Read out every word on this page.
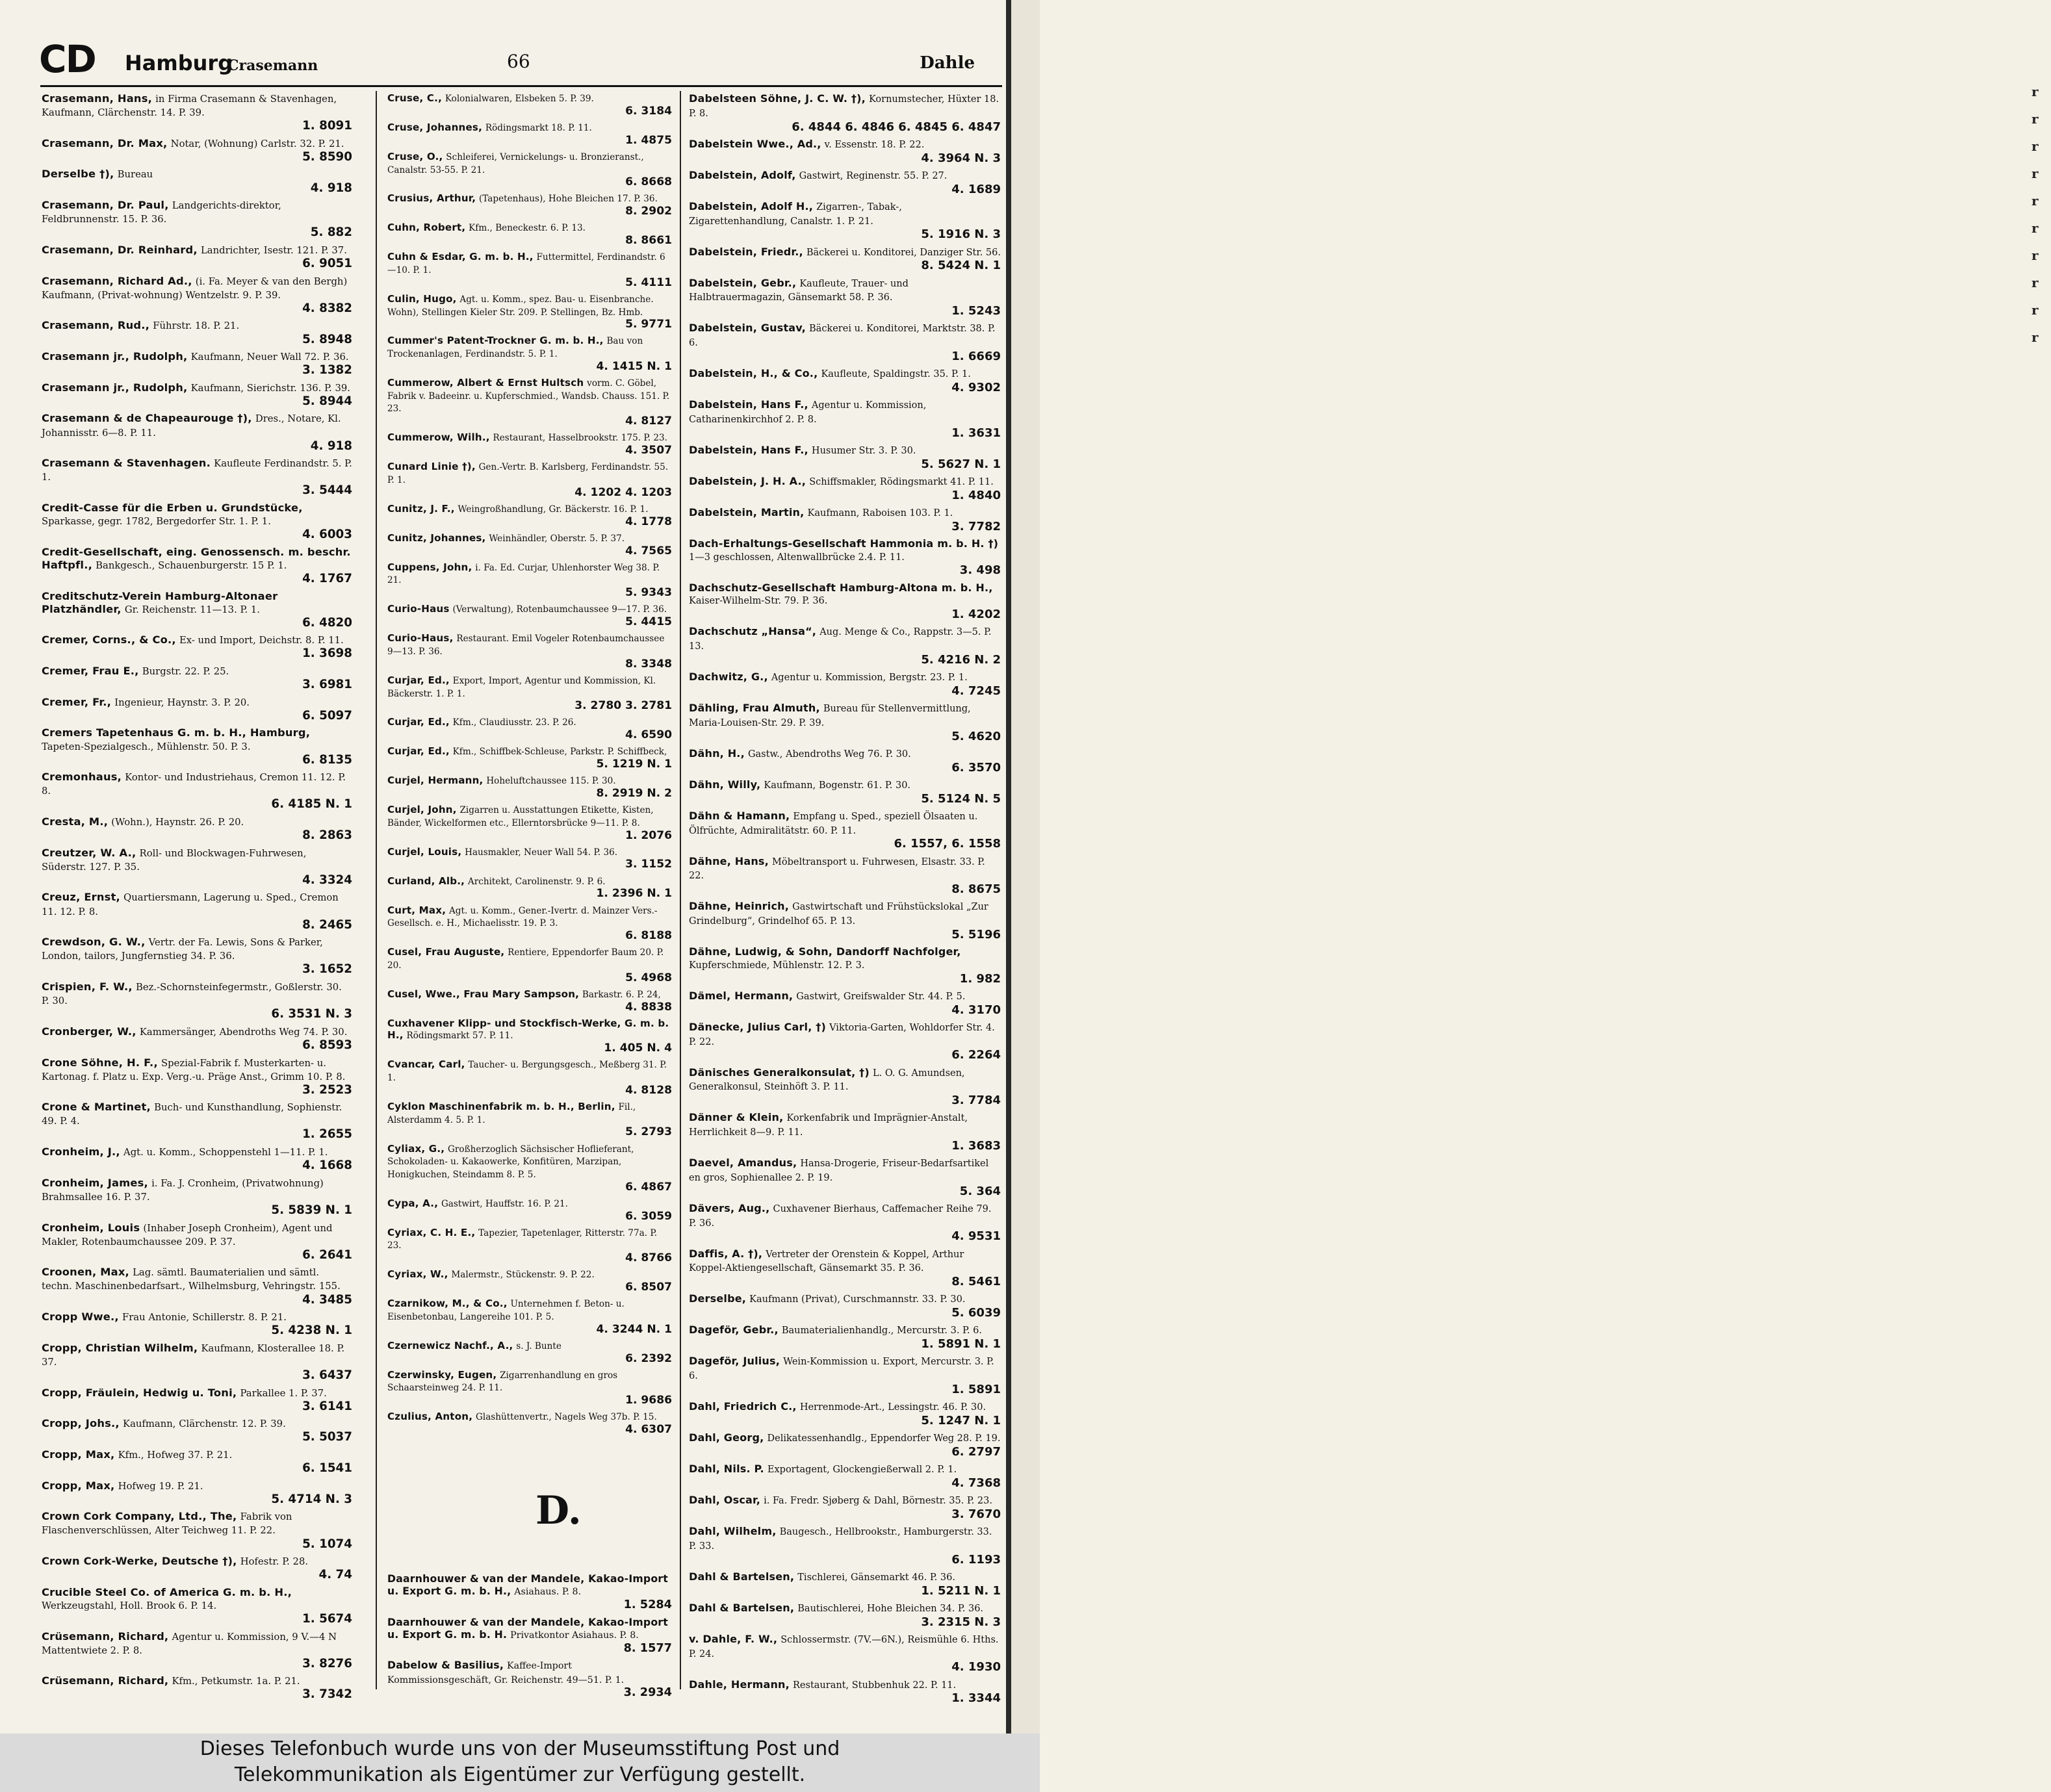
CD Hamburg
Crasemann	66	Dahle
Crasemann, Hans, in Firma Crasemann & Stavenhagen, Kaufmann, Clärchenstr. 14. P. 39.
1. 8091
Crasemann, Dr. Max, Notar, (Wohnung) Carlstr. 32. P. 21.
5. 8590
Derselbe †), Bureau
4. 918
Crasemann, Dr. Paul, Landgerichts-direktor, Feldbrunnenstr. 15. P. 36.
5. 882
Crasemann, Dr. Reinhard, Landrichter, Isestr. 121. P. 37.
6. 9051
Crasemann, Richard Ad., (i. Fa. Meyer & van den Bergh) Kaufmann, (Privat-wohnung) Wentzelstr. 9. P. 39.
4. 8382
Crasemann, Rud., Führstr. 18. P. 21.
5. 8948
Crasemann jr., Rudolph, Kaufmann, Neuer Wall 72. P. 36.
3. 1382
Crasemann jr., Rudolph, Kaufmann, Sierichstr. 136. P. 39.
5. 8944
Crasemann & de Chapeaurouge †), Dres., Notare, Kl. Johannisstr. 6—8. P. 11.
4. 918
Crasemann & Stavenhagen. Kaufleute Ferdinandstr. 5. P. 1.
3. 5444
Credit-Casse für die Erben u. Grundstücke, Sparkasse, gegr. 1782, Bergedorfer Str. 1. P. 1.
4. 6003
Credit-Gesellschaft, eing. Genossensch. m. beschr. Haftpfl., Bankgesch., Schauenburgerstr. 15 P. 1.
4. 1767
Creditschutz-Verein Hamburg-Altonaer Platzhändler, Gr. Reichenstr. 11—13. P. 1.
6. 4820
Cremer, Corns., & Co., Ex- und Import, Deichstr. 8. P. 11.
1. 3698
Cremer, Frau E., Burgstr. 22. P. 25.
3. 6981
Cremer, Fr., Ingenieur, Haynstr. 3. P. 20.
6. 5097
Cremers Tapetenhaus G. m. b. H., Hamburg, Tapeten-Spezialgesch., Mühlenstr. 50. P. 3.
6. 8135
Cremonhaus, Kontor- und Industriehaus, Cremon 11. 12. P. 8.
6. 4185 N. 1
Cresta, M., (Wohn.), Haynstr. 26. P. 20.
8. 2863
Creutzer, W. A., Roll- und Blockwagen-Fuhrwesen, Süderstr. 127. P. 35.
4. 3324
Creuz, Ernst, Quartiersmann, Lagerung u. Sped., Cremon 11. 12. P. 8.
8. 2465
Crewdson, G. W., Vertr. der Fa. Lewis, Sons & Parker, London, tailors, Jungfernstieg 34. P. 36.
3. 1652
Crispien, F. W., Bez.-Schornsteinfegermstr., Goßlerstr. 30. P. 30.
6. 3531 N. 3
Cronberger, W., Kammersänger, Abendroths Weg 74. P. 30.
6. 8593
Crone Söhne, H. F., Spezial-Fabrik f. Musterkarten- u. Kartonag. f. Platz u. Exp. Verg.-u. Präge Anst., Grimm 10. P. 8.
3. 2523
Crone & Martinet, Buch- und Kunsthandlung, Sophienstr. 49. P. 4.
1. 2655
Cronheim, J., Agt. u. Komm., Schoppenstehl 1—11. P. 1.
4. 1668
Cronheim, James, i. Fa. J. Cronheim, (Privatwohnung) Brahmsallee 16. P. 37.
5. 5839 N. 1
Cronheim, Louis (Inhaber Joseph Cronheim), Agent und Makler, Rotenbaumchaussee 209. P. 37.
6. 2641
Croonen, Max, Lag. sämtl. Baumaterialien und sämtl. techn. Maschinenbedarfsart., Wilhelmsburg, Vehringstr. 155.
4. 3485
Cropp Wwe., Frau Antonie, Schillerstr. 8. P. 21.
5. 4238 N. 1
Cropp, Christian Wilhelm, Kaufmann, Klosterallee 18. P. 37.
3. 6437
Cropp, Fräulein, Hedwig u. Toni, Parkallee 1. P. 37.
3. 6141
Cropp, Johs., Kaufmann, Clärchenstr. 12. P. 39.
5. 5037
Cropp, Max, Kfm., Hofweg 37. P. 21.
6. 1541
Cropp, Max, Hofweg 19. P. 21.
5. 4714 N. 3
Crown Cork Company, Ltd., The, Fabrik von Flaschenverschlüssen, Alter Teichweg 11. P. 22.
5. 1074
Crown Cork-Werke, Deutsche †), Hofestr. P. 28.
4. 74
Crucible Steel Co. of America G. m. b. H., Werkzeugstahl, Holl. Brook 6. P. 14.
1. 5674
Crüsemann, Richard, Agentur u. Kommission, 9 V.—4 N Mattentwiete 2. P. 8.
3. 8276
Crüsemann, Richard, Kfm., Petkumstr. 1a. P. 21.
3. 7342
Cruse, C., Kolonialwaren, Elsbeken 5. P. 39.
6. 3184
Cruse, Johannes, Rödingsmarkt 18. P. 11.
1. 4875
Cruse, O., Schleiferei, Vernickelungs- u. Bronzieranst., Canalstr. 53-55. P. 21.
6. 8668
Crusius, Arthur, (Tapetenhaus), Hohe Bleichen 17. P. 36.
8. 2902
Cuhn, Robert, Kfm., Beneckestr. 6. P. 13.
8. 8661
Cuhn & Esdar, G. m. b. H., Futtermittel, Ferdinandstr. 6—10. P. 1.
5. 4111
Culin, Hugo, Agt. u. Komm., spez. Bau- u. Eisenbranche. Wohn), Stellingen Kieler Str. 209. P. Stellingen, Bz. Hmb.
5. 9771
Cummer's Patent-Trockner G. m. b. H., Bau von Trockenanlagen, Ferdinandstr. 5. P. 1.
4. 1415 N. 1
Cummerow, Albert & Ernst Hultsch vorm. C. Göbel, Fabrik v. Badeeinr. u. Kupferschmied., Wandsb. Chauss. 151. P. 23.
4. 8127
Cummerow, Wilh., Restaurant, Hasselbrookstr. 175. P. 23.
4. 3507
Cunard Linie †), Gen.-Vertr. B. Karlsberg, Ferdinandstr. 55. P. 1.
4. 1202 4. 1203
Cunitz, J. F., Weingroßhandlung, Gr. Bäckerstr. 16. P. 1.
4. 1778
Cunitz, Johannes, Weinhändler, Oberstr. 5. P. 37.
4. 7565
Cuppens, John, i. Fa. Ed. Curjar, Uhlenhorster Weg 38. P. 21.
5. 9343
Curio-Haus (Verwaltung), Rotenbaumchaussee 9—17. P. 36.
5. 4415
Curio-Haus, Restaurant. Emil Vogeler Rotenbaumchaussee 9—13. P. 36.
8. 3348
Curjar, Ed., Export, Import, Agentur und Kommission, Kl. Bäckerstr. 1. P. 1.
3. 2780 3. 2781
Curjar, Ed., Kfm., Claudiusstr. 23. P. 26.
4. 6590
Curjar, Ed., Kfm., Schiffbek-Schleuse, Parkstr. P. Schiffbeck,
5. 1219 N. 1
Curjel, Hermann, Hoheluftchaussee 115. P. 30.
8. 2919 N. 2
Curjel, John, Zigarren u. Ausstattungen Etikette, Kisten, Bänder, Wickelformen etc., Ellerntorsbrücke 9—11. P. 8.
1. 2076
Curjel, Louis, Hausmakler, Neuer Wall 54. P. 36.
3. 1152
Curland, Alb., Architekt, Carolinenstr. 9. P. 6.
1. 2396 N. 1
Curt, Max, Agt. u. Komm., Gener.-Ivertr. d. Mainzer Vers.-Gesellsch. e. H., Michaelisstr. 19. P. 3.
6. 8188
Cusel, Frau Auguste, Rentiere, Eppendorfer Baum 20. P. 20.
5. 4968
Cusel, Wwe., Frau Mary Sampson, Barkastr. 6. P. 24,
4. 8838
Cuxhavener Klipp- und Stockfisch-Werke, G. m. b. H., Rödingsmarkt 57. P. 11.
1. 405 N. 4
Cvancar, Carl, Taucher- u. Bergungsgesch., Meßberg 31. P. 1.
4. 8128
Cyklon Maschinenfabrik m. b. H., Berlin, Fil., Alsterdamm 4. 5. P. 1.
5. 2793
Cyliax, G., Großherzoglich Sächsischer Hoflieferant, Schokoladen- u. Kakaowerke, Konfitüren, Marzipan, Honigkuchen, Steindamm 8. P. 5.
6. 4867
Cypa, A., Gastwirt, Hauffstr. 16. P. 21.
6. 3059
Cyriax, C. H. E., Tapezier, Tapetenlager, Ritterstr. 77a. P. 23.
4. 8766
Cyriax, W., Malermstr., Stückenstr. 9. P. 22.
6. 8507
Czarnikow, M., & Co., Unternehmen f. Beton- u. Eisenbetonbau, Langereihe 101. P. 5.
4. 3244 N. 1
Czernewicz Nachf., A., s. J. Bunte
6. 2392
Czerwinsky, Eugen, Zigarrenhandlung en gros Schaarsteinweg 24. P. 11.
1. 9686
Czulius, Anton, Glashüttenvertr., Nagels Weg 37b. P. 15.
4. 6307
D.
Daarnhouwer & van der Mandele, Kakao-Import u. Export G. m. b. H., Asiahaus. P. 8.
1. 5284
Daarnhouwer & van der Mandele, Kakao-Import u. Export G. m. b. H. Privatkontor Asiahaus. P. 8.
8. 1577
Dabelow & Basilius, Kaffee-Import Kommissionsgeschäft, Gr. Reichenstr. 49—51. P. 1.
3. 2934
Dabelsteen Söhne, J. C. W. †), Kornumstecher, Hüxter 18. P. 8.
6. 4844 6. 4846 6. 4845 6. 4847
Dabelstein Wwe., Ad., v. Essenstr. 18. P. 22.
4. 3964 N. 3
Dabelstein, Adolf, Gastwirt, Reginenstr. 55. P. 27.
4. 1689
Dabelstein, Adolf H., Zigarren-, Tabak-, Zigarettenhandlung, Canalstr. 1. P. 21.
5. 1916 N. 3
Dabelstein, Friedr., Bäckerei u. Konditorei, Danziger Str. 56.
8. 5424 N. 1
Dabelstein, Gebr., Kaufleute, Trauer- und Halbtrauermagazin, Gänsemarkt 58. P. 36.
1. 5243
Dabelstein, Gustav, Bäckerei u. Konditorei, Marktstr. 38. P. 6.
1. 6669
Dabelstein, H., & Co., Kaufleute, Spaldingstr. 35. P. 1.
4. 9302
Dabelstein, Hans F., Agentur u. Kommission, Catharinenkirchhof 2. P. 8.
1. 3631
Dabelstein, Hans F., Husumer Str. 3. P. 30.
5. 5627 N. 1
Dabelstein, J. H. A., Schiffsmakler, Rödingsmarkt 41. P. 11.
1. 4840
Dabelstein, Martin, Kaufmann, Raboisen 103. P. 1.
3. 7782
Dach-Erhaltungs-Gesellschaft Hammonia m. b. H. †) 1—3 geschlossen, Altenwallbrücke 2.4. P. 11.
3. 498
Dachschutz-Gesellschaft Hamburg-Altona m. b. H., Kaiser-Wilhelm-Str. 79. P. 36.
1. 4202
Dachschutz „Hansa“, Aug. Menge & Co., Rappstr. 3—5. P. 13.
5. 4216 N. 2
Dachwitz, G., Agentur u. Kommission, Bergstr. 23. P. 1.
4. 7245
Dähling, Frau Almuth, Bureau für Stellenvermittlung, Maria-Louisen-Str. 29. P. 39.
5. 4620
Dähn, H., Gastw., Abendroths Weg 76. P. 30.
6. 3570
Dähn, Willy, Kaufmann, Bogenstr. 61. P. 30.
5. 5124 N. 5
Dähn & Hamann, Empfang u. Sped., speziell Ölsaaten u. Ölfrüchte, Admiralitätstr. 60. P. 11.
6. 1557, 6. 1558
Dähne, Hans, Möbeltransport u. Fuhrwesen, Elsastr. 33. P. 22.
8. 8675
Dähne, Heinrich, Gastwirtschaft und Frühstückslokal „Zur Grindelburg“, Grindelhof 65. P. 13.
5. 5196
Dähne, Ludwig, & Sohn, Dandorff Nachfolger, Kupferschmiede, Mühlenstr. 12. P. 3.
1. 982
Dämel, Hermann, Gastwirt, Greifswalder Str. 44. P. 5.
4. 3170
Dänecke, Julius Carl, †) Viktoria-Garten, Wohldorfer Str. 4. P. 22.
6. 2264
Dänisches Generalkonsulat, †) L. O. G. Amundsen, Generalkonsul, Steinhöft 3. P. 11.
3. 7784
Dänner & Klein, Korkenfabrik und Imprägnier-Anstalt, Herrlichkeit 8—9. P. 11.
1. 3683
Daevel, Amandus, Hansa-Drogerie, Friseur-Bedarfsartikel en gros, Sophienallee 2. P. 19.
5. 364
Dävers, Aug., Cuxhavener Bierhaus, Caffemacher Reihe 79. P. 36.
4. 9531
Daffis, A. †), Vertreter der Orenstein & Koppel, Arthur Koppel-Aktiengesellschaft, Gänsemarkt 35. P. 36.
8. 5461
Derselbe, Kaufmann (Privat), Curschmannstr. 33. P. 30.
5. 6039
Dageför, Gebr., Baumaterialienhandlg., Mercurstr. 3. P. 6.
1. 5891 N. 1
Dageför, Julius, Wein-Kommission u. Export, Mercurstr. 3. P. 6.
1. 5891
Dahl, Friedrich C., Herrenmode-Art., Lessingstr. 46. P. 30.
5. 1247 N. 1
Dahl, Georg, Delikatessenhandlg., Eppendorfer Weg 28. P. 19.
6. 2797
Dahl, Nils. P. Exportagent, Glockengießerwall 2. P. 1.
4. 7368
Dahl, Oscar, i. Fa. Fredr. Sjøberg & Dahl, Börnestr. 35. P. 23.
3. 7670
Dahl, Wilhelm, Baugesch., Hellbrookstr., Hamburgerstr. 33. P. 33.
6. 1193
Dahl & Bartelsen, Tischlerei, Gänsemarkt 46. P. 36.
1. 5211 N. 1
Dahl & Bartelsen, Bautischlerei, Hohe Bleichen 34. P. 36.
3. 2315 N. 3
v. Dahle, F. W., Schlossermstr. (7V.—6N.), Reismühle 6. Hths. P. 24.
4. 1930
Dahle, Hermann, Restaurant, Stubbenhuk 22. P. 11.
1. 3344
r
r
r
r
r
r
r
r
r
r
Dieses Telefonbuch wurde uns von der Museumsstiftung Post und
Telekommunikation als Eigentümer zur Verfügung gestellt.
